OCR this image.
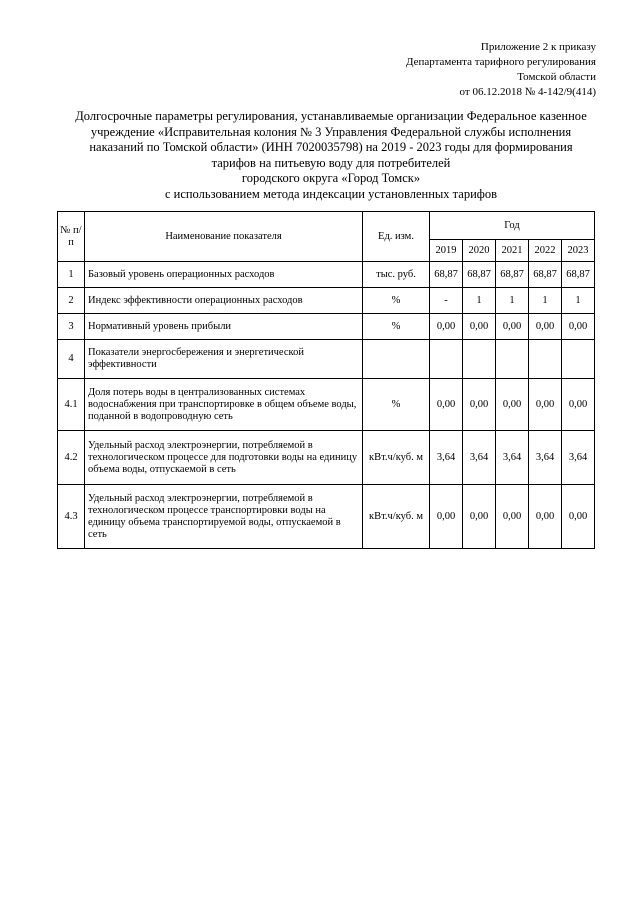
Приложение 2 к приказу
Департамента тарифного регулирования
Томской области
от 06.12.2018 № 4-142/9(414)
Долгосрочные параметры регулирования, устанавливаемые организации Федеральное казенное
учреждение «Исправительная колония № 3 Управления Федеральной службы исполнения
наказаний по Томской области» (ИНН 7020035798) на 2019 - 2023 годы для формирования
тарифов на питьевую воду для потребителей
городского округа «Город Томск»
с использованием метода индексации установленных тарифов
№ п/п	Наименование показателя	Ед. изм.	Год				
			2019	2020	2021	2022	2023
1	Базовый уровень операционных расходов	тыс. руб.	68,87	68,87	68,87	68,87	68,87
2	Индекс эффективности операционных расходов	%	-	1	1	1	1
3	Нормативный уровень прибыли	%	0,00	0,00	0,00	0,00	0,00
4	Показатели энергосбережения и энергетической эффективности						
4.1	Доля потерь воды в централизованных системах водоснабжения при транспортировке в общем объеме воды, поданной в водопроводную сеть	%	0,00	0,00	0,00	0,00	0,00
4.2	Удельный расход электроэнергии, потребляемой в технологическом процессе для подготовки воды на единицу объема воды, отпускаемой в сеть	кВт.ч/куб. м	3,64	3,64	3,64	3,64	3,64
4.3	Удельный расход электроэнергии, потребляемой в технологическом процессе транспортировки воды на единицу объема транспортируемой воды, отпускаемой в сеть	кВт.ч/куб. м	0,00	0,00	0,00	0,00	0,00
